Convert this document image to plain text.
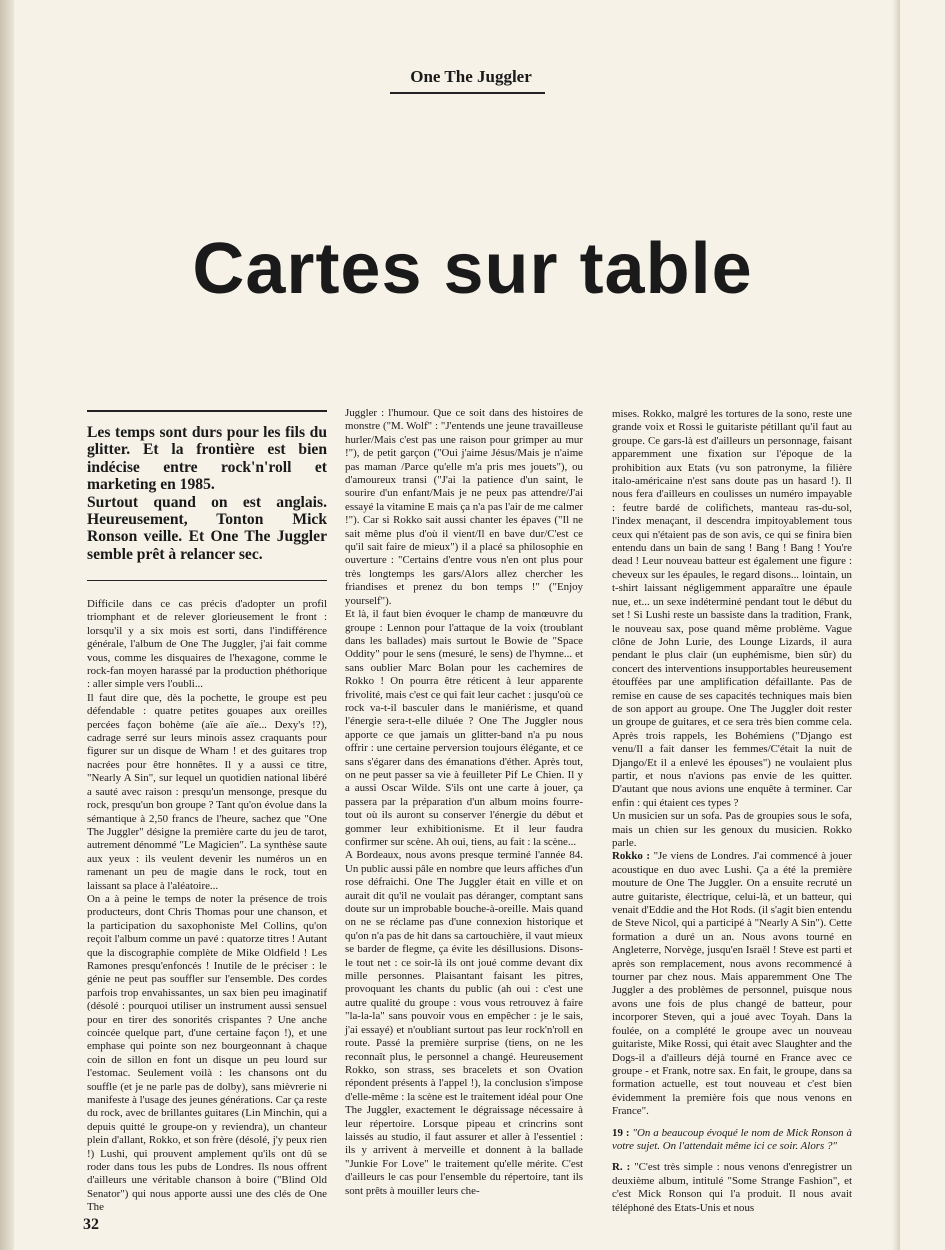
One The Juggler
Cartes sur table

Les temps sont durs pour les fils du glitter. Et la frontière est bien indécise entre rock'n'roll et marketing en 1985.

Surtout quand on est anglais. Heureusement, Tonton Mick Ronson veille. Et One The Juggler semble prêt à relancer sec.

Difficile dans ce cas précis d'adopter un profil triomphant et de relever glorieusement le front : lorsqu'il y a six mois est sorti, dans l'indifférence générale, l'album de One The Juggler, j'ai fait comme vous, comme les disquaires de l'hexagone, comme le rock-fan moyen harassé par la production phéthorique : aller simple vers l'oubli...

Il faut dire que, dès la pochette, le groupe est peu défendable : quatre petites gouapes aux oreilles percées façon bohème (aïe aïe aïe... Dexy's !?), cadrage serré sur leurs minois assez craquants pour figurer sur un disque de Wham ! et des guitares trop nacrées pour être honnêtes. Il y a aussi ce titre, "Nearly A Sin", sur lequel un quotidien national libéré a sauté avec raison : presqu'un mensonge, presque du rock, presqu'un bon groupe ? Tant qu'on évolue dans la sémantique à 2,50 francs de l'heure, sachez que "One The Juggler" désigne la première carte du jeu de tarot, autrement dénommé "Le Magicien". La synthèse saute aux yeux : ils veulent devenir les numéros un en ramenant un peu de magie dans le rock, tout en laissant sa place à l'aléatoire...

On a à peine le temps de noter la présence de trois producteurs, dont Chris Thomas pour une chanson, et la participation du saxophoniste Mel Collins, qu'on reçoit l'album comme un pavé : quatorze titres ! Autant que la discographie complète de Mike Oldfield ! Les Ramones presqu'enfoncés ! Inutile de le préciser : le génie ne peut pas souffler sur l'ensemble. Des cordes parfois trop envahissantes, un sax bien peu imaginatif (désolé : pourquoi utiliser un instrument aussi sensuel pour en tirer des sonorités crispantes ? Une anche coincée quelque part, d'une certaine façon !), et une emphase qui pointe son nez bourgeonnant à chaque coin de sillon en font un disque un peu lourd sur l'estomac. Seulement voilà : les chansons ont du souffle (et je ne parle pas de dolby), sans mièvrerie ni manifeste à l'usage des jeunes générations. Car ça reste du rock, avec de brillantes guitares (Lin Minchin, qui a depuis quitté le groupe-on y reviendra), un chanteur plein d'allant, Rokko, et son frère (désolé, j'y peux rien !) Lushi, qui prouvent amplement qu'ils ont dû se roder dans tous les pubs de Londres. Ils nous offrent d'ailleurs une véritable chanson à boire ("Blind Old Senator") qui nous apporte aussi une des clés de One The

Juggler : l'humour. Que ce soit dans des histoires de monstre ("M. Wolf" : "J'entends une jeune travailleuse hurler/Mais c'est pas une raison pour grimper au mur !"), de petit garçon ("Oui j'aime Jésus/Mais je n'aime pas maman /Parce qu'elle m'a pris mes jouets"), ou d'amoureux transi ("J'ai la patience d'un saint, le sourire d'un enfant/Mais je ne peux pas attendre/J'ai essayé la vitamine E mais ça n'a pas l'air de me calmer !"). Car si Rokko sait aussi chanter les épaves ("Il ne sait même plus d'où il vient/Il en bave dur/C'est ce qu'il sait faire de mieux") il a placé sa philosophie en ouverture : "Certains d'entre vous n'en ont plus pour très longtemps les gars/Alors allez chercher les friandises et prenez du bon temps !" ("Enjoy yourself").

Et là, il faut bien évoquer le champ de manœuvre du groupe : Lennon pour l'attaque de la voix (troublant dans les ballades) mais surtout le Bowie de "Space Oddity" pour le sens (mesuré, le sens) de l'hymne... et sans oublier Marc Bolan pour les cachemires de Rokko ! On pourra être réticent à leur apparente frivolité, mais c'est ce qui fait leur cachet : jusqu'où ce rock va-t-il basculer dans le maniérisme, et quand l'énergie sera-t-elle diluée ? One The Juggler nous apporte ce que jamais un glitter-band n'a pu nous offrir : une certaine perversion toujours élégante, et ce sans s'égarer dans des émanations d'éther. Après tout, on ne peut passer sa vie à feuilleter Pif Le Chien. Il y a aussi Oscar Wilde. S'ils ont une carte à jouer, ça passera par la préparation d'un album moins fourre-tout où ils auront su conserver l'énergie du début et gommer leur exhibitionisme. Et il leur faudra confirmer sur scène. Ah oui, tiens, au fait : la scène...

A Bordeaux, nous avons presque terminé l'année 84. Un public aussi pâle en nombre que leurs affiches d'un rose défraichi. One The Juggler était en ville et on aurait dit qu'il ne voulait pas déranger, comptant sans doute sur un improbable bouche-à-oreille. Mais quand on ne se réclame pas d'une connexion historique et qu'on n'a pas de hit dans sa cartouchière, il vaut mieux se barder de flegme, ça évite les désillusions. Disons-le tout net : ce soir-là ils ont joué comme devant dix mille personnes. Plaisantant faisant les pitres, provoquant les chants du public (ah oui : c'est une autre qualité du groupe : vous vous retrouvez à faire "la-la-la" sans pouvoir vous en empêcher : je le sais, j'ai essayé) et n'oubliant surtout pas leur rock'n'roll en route. Passé la première surprise (tiens, on ne les reconnaît plus, le personnel a changé. Heureusement Rokko, son strass, ses bracelets et son Ovation répondent présents à l'appel !), la conclusion s'impose d'elle-même : la scène est le traitement idéal pour One The Juggler, exactement le dégraissage nécessaire à leur répertoire. Lorsque pipeau et crincrins sont laissés au studio, il faut assurer et aller à l'essentiel : ils y arrivent à merveille et donnent à la ballade "Junkie For Love" le traitement qu'elle mérite. C'est d'ailleurs le cas pour l'ensemble du répertoire, tant ils sont prêts à mouiller leurs che-

mises. Rokko, malgré les tortures de la sono, reste une grande voix et Rossi le guitariste pétillant qu'il faut au groupe. Ce gars-là est d'ailleurs un personnage, faisant apparemment une fixation sur l'époque de la prohibition aux Etats (vu son patronyme, la filière italo-américaine n'est sans doute pas un hasard !). Il nous fera d'ailleurs en coulisses un numéro impayable : feutre bardé de colifichets, manteau ras-du-sol, l'index menaçant, il descendra impitoyablement tous ceux qui n'étaient pas de son avis, ce qui se finira bien entendu dans un bain de sang ! Bang ! Bang ! You're dead ! Leur nouveau batteur est également une figure : cheveux sur les épaules, le regard disons... lointain, un t-shirt laissant négligemment apparaître une épaule nue, et... un sexe indéterminé pendant tout le début du set ! Si Lushi reste un bassiste dans la tradition, Frank, le nouveau sax, pose quand même problème. Vague clône de John Lurie, des Lounge Lizards, il aura pendant le plus clair (un euphémisme, bien sûr) du concert des interventions insupportables heureusement étouffées par une amplification défaillante. Pas de remise en cause de ses capacités techniques mais bien de son apport au groupe. One The Juggler doit rester un groupe de guitares, et ce sera très bien comme cela. Après trois rappels, les Bohémiens ("Django est venu/Il a fait danser les femmes/C'était la nuit de Django/Et il a enlevé les épouses") ne voulaient plus partir, et nous n'avions pas envie de les quitter. D'autant que nous avions une enquête à terminer. Car enfin : qui étaient ces types ?

Un musicien sur un sofa. Pas de groupies sous le sofa, mais un chien sur les genoux du musicien. Rokko parle.

Rokko : "Je viens de Londres. J'ai commencé à jouer acoustique en duo avec Lushi. Ça a été la première mouture de One The Juggler. On a ensuite recruté un autre guitariste, électrique, celui-là, et un batteur, qui venait d'Eddie and the Hot Rods. (il s'agit bien entendu de Steve Nicol, qui a participé à "Nearly A Sin"). Cette formation a duré un an. Nous avons tourné en Angleterre, Norvège, jusqu'en Israël ! Steve est parti et après son remplacement, nous avons recommencé à tourner par chez nous. Mais apparemment One The Juggler a des problèmes de personnel, puisque nous avons une fois de plus changé de batteur, pour incorporer Steven, qui a joué avec Toyah. Dans la foulée, on a complété le groupe avec un nouveau guitariste, Mike Rossi, qui était avec Slaughter and the Dogs-il a d'ailleurs déjà tourné en France avec ce groupe - et Frank, notre sax. En fait, le groupe, dans sa formation actuelle, est tout nouveau et c'est bien évidemment la première fois que nous venons en France".

19 : "On a beaucoup évoqué le nom de Mick Ronson à votre sujet. On l'attendait même ici ce soir. Alors ?"

R. : "C'est très simple : nous venons d'enregistrer un deuxième album, intitulé "Some Strange Fashion", et c'est Mick Ronson qui l'a produit. Il nous avait téléphoné des Etats-Unis et nous

32
